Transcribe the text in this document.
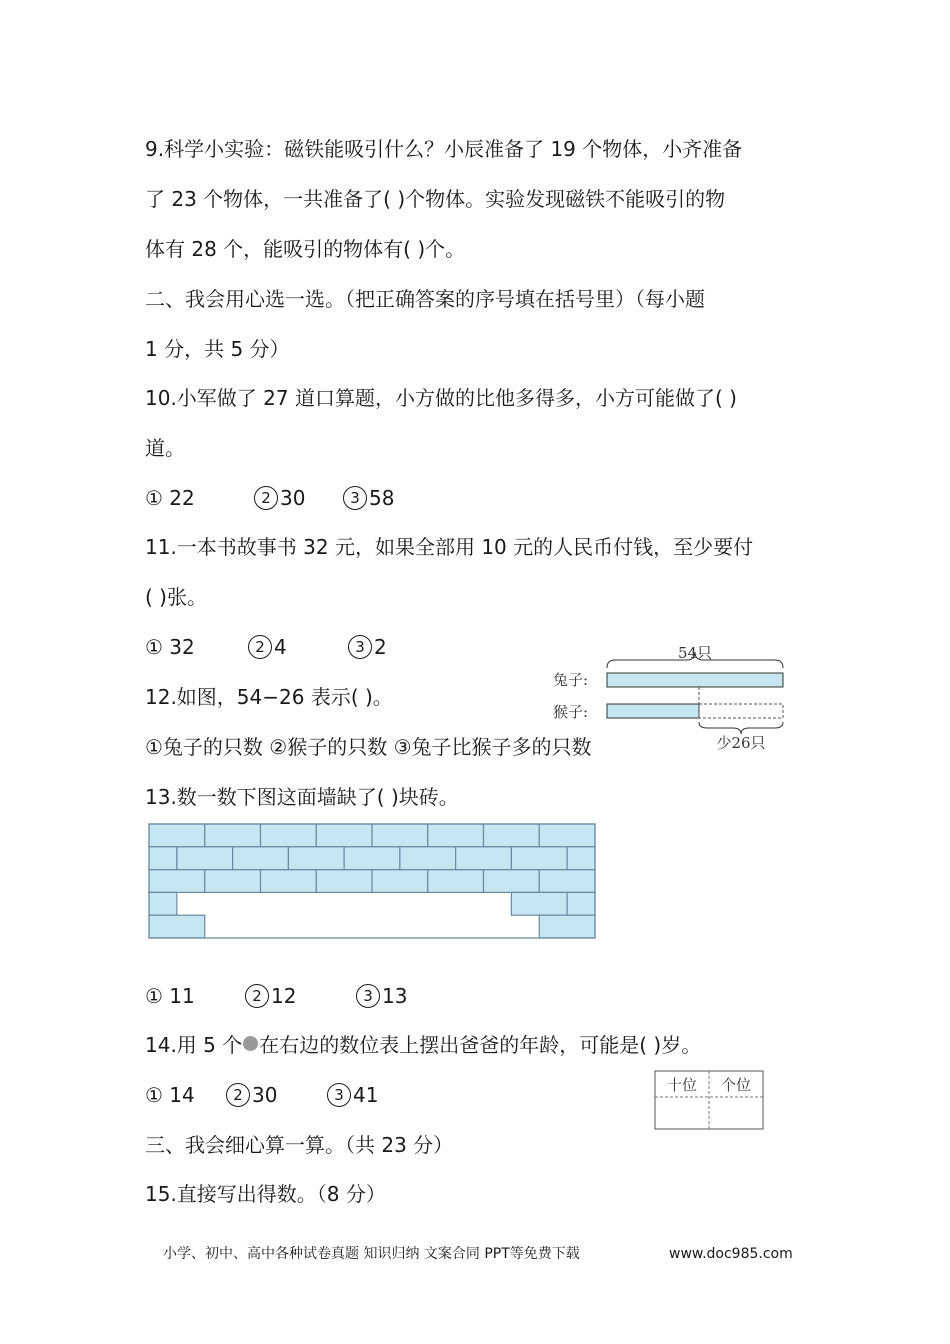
9.科学小实验：磁铁能吸引什么？小辰准备了 19 个物体，小齐准备
了 23 个物体，一共准备了( )个物体。实验发现磁铁不能吸引的物
体有 28 个，能吸引的物体有( )个。
二、我会用心选一选。（把正确答案的序号填在括号里）（每小题
1 分，共 5 分）
10.小军做了 27 道口算题，小方做的比他多得多，小方可能做了( )
道。
① 22	2 30	3 58
11.一本书故事书 32 元，如果全部用 10 元的人民币付钱，至少要付
( )张。
① 32	2 4	3 2
12.如图，54−26 表示( )。
①兔子的只数 ②猴子的只数 ③兔子比猴子多的只数
54只
兔子:
猴子:
少26只
13.数一数下图这面墙缺了( )块砖。
① 11	2 12	3 13
14.用 5 个 在右边的数位表上摆出爸爸的年龄，可能是( )岁。
① 14	2 30	3 41	十位 个位
三、我会细心算一算。（共 23 分）
15.直接写出得数。（8 分）
小学、初中、高中各种试卷真题 知识归纳 文案合同 PPT等免费下载	www.doc985.com
